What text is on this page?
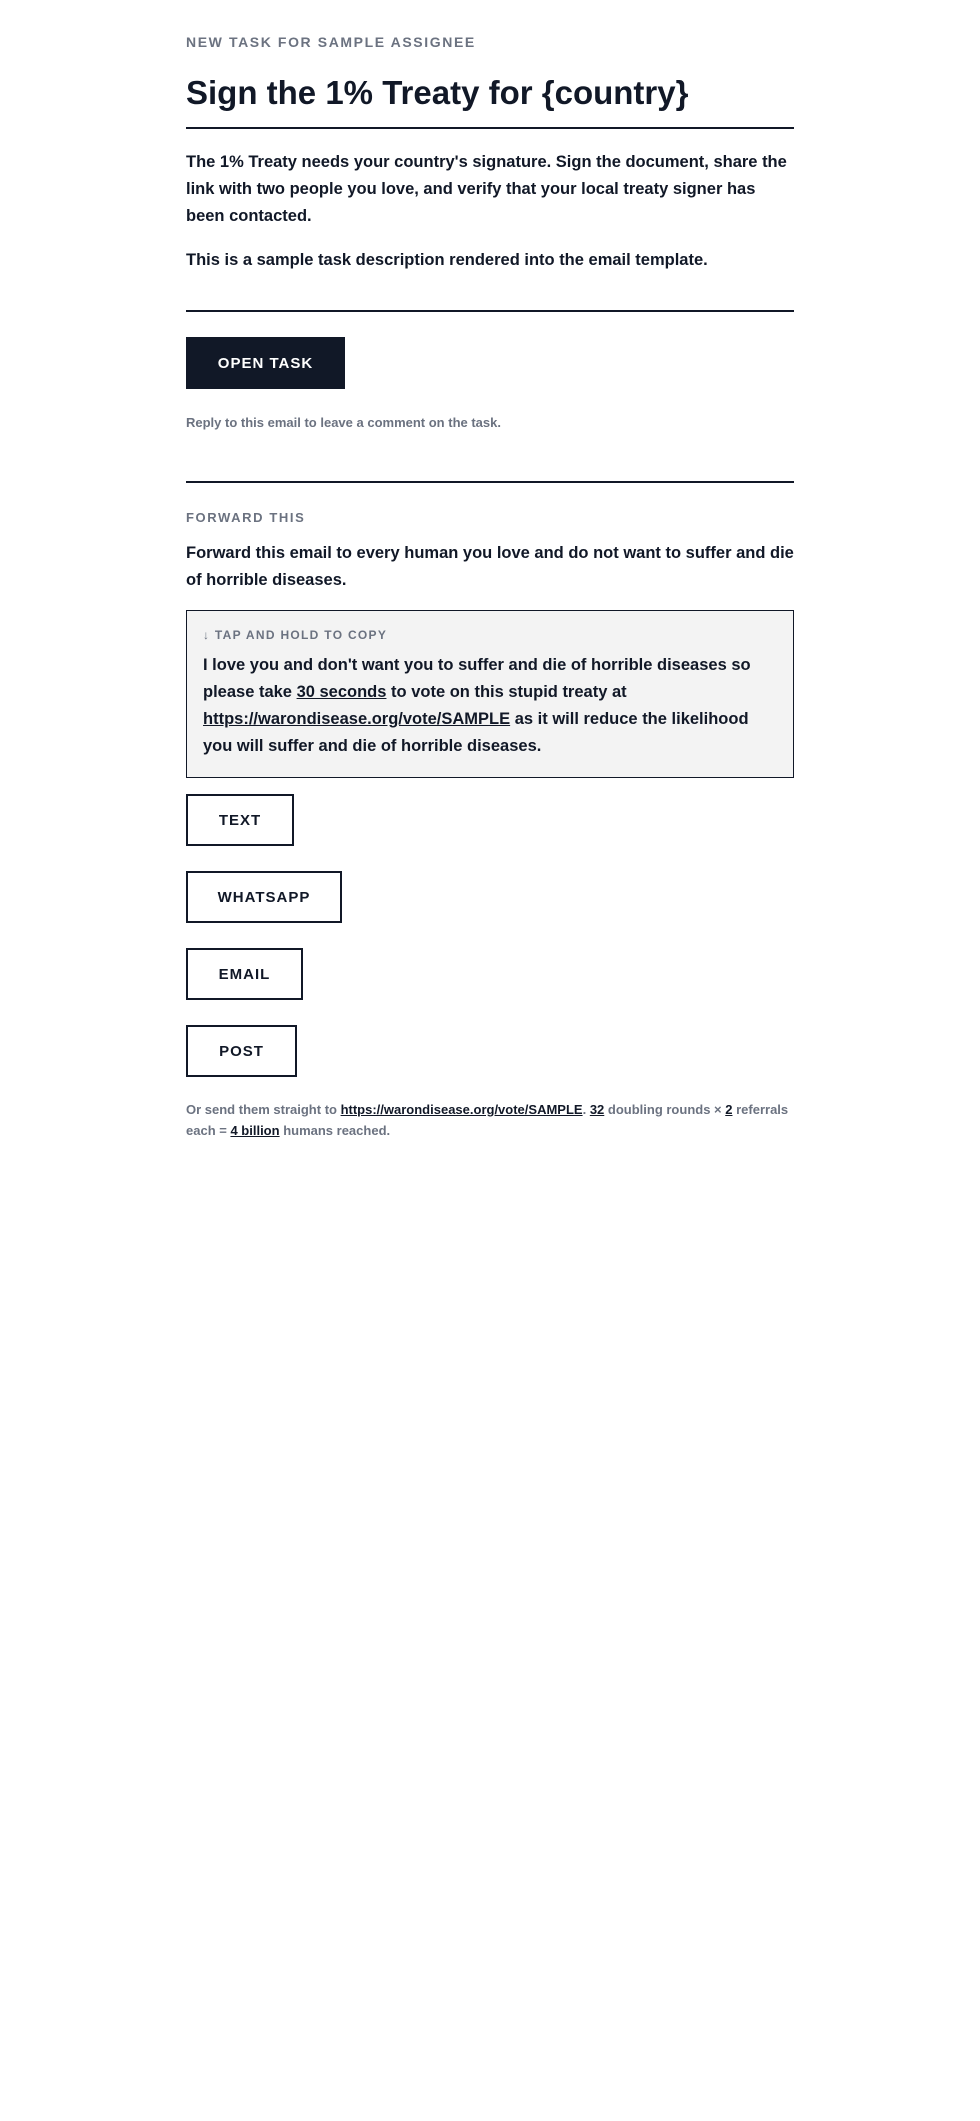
NEW TASK FOR SAMPLE ASSIGNEE
Sign the 1% Treaty for {country}

The 1% Treaty needs your country's signature. Sign the document, share the link with two people you love, and verify that your local treaty signer has been contacted.

This is a sample task description rendered into the email template.

OPEN TASK
Reply to this email to leave a comment on the task.
FORWARD THIS

Forward this email to every human you love and do not want to suffer and die of horrible diseases.

↓ TAP AND HOLD TO COPY
I love you and don't want you to suffer and die of horrible diseases so please take 30 seconds to vote on this stupid treaty at https://warondisease.org/vote/SAMPLE as it will reduce the likelihood you will suffer and die of horrible diseases.
TEXT
WHATSAPP
EMAIL
POST

Or send them straight to https://warondisease.org/vote/SAMPLE. 32 doubling rounds × 2 referrals each = 4 billion humans reached.
